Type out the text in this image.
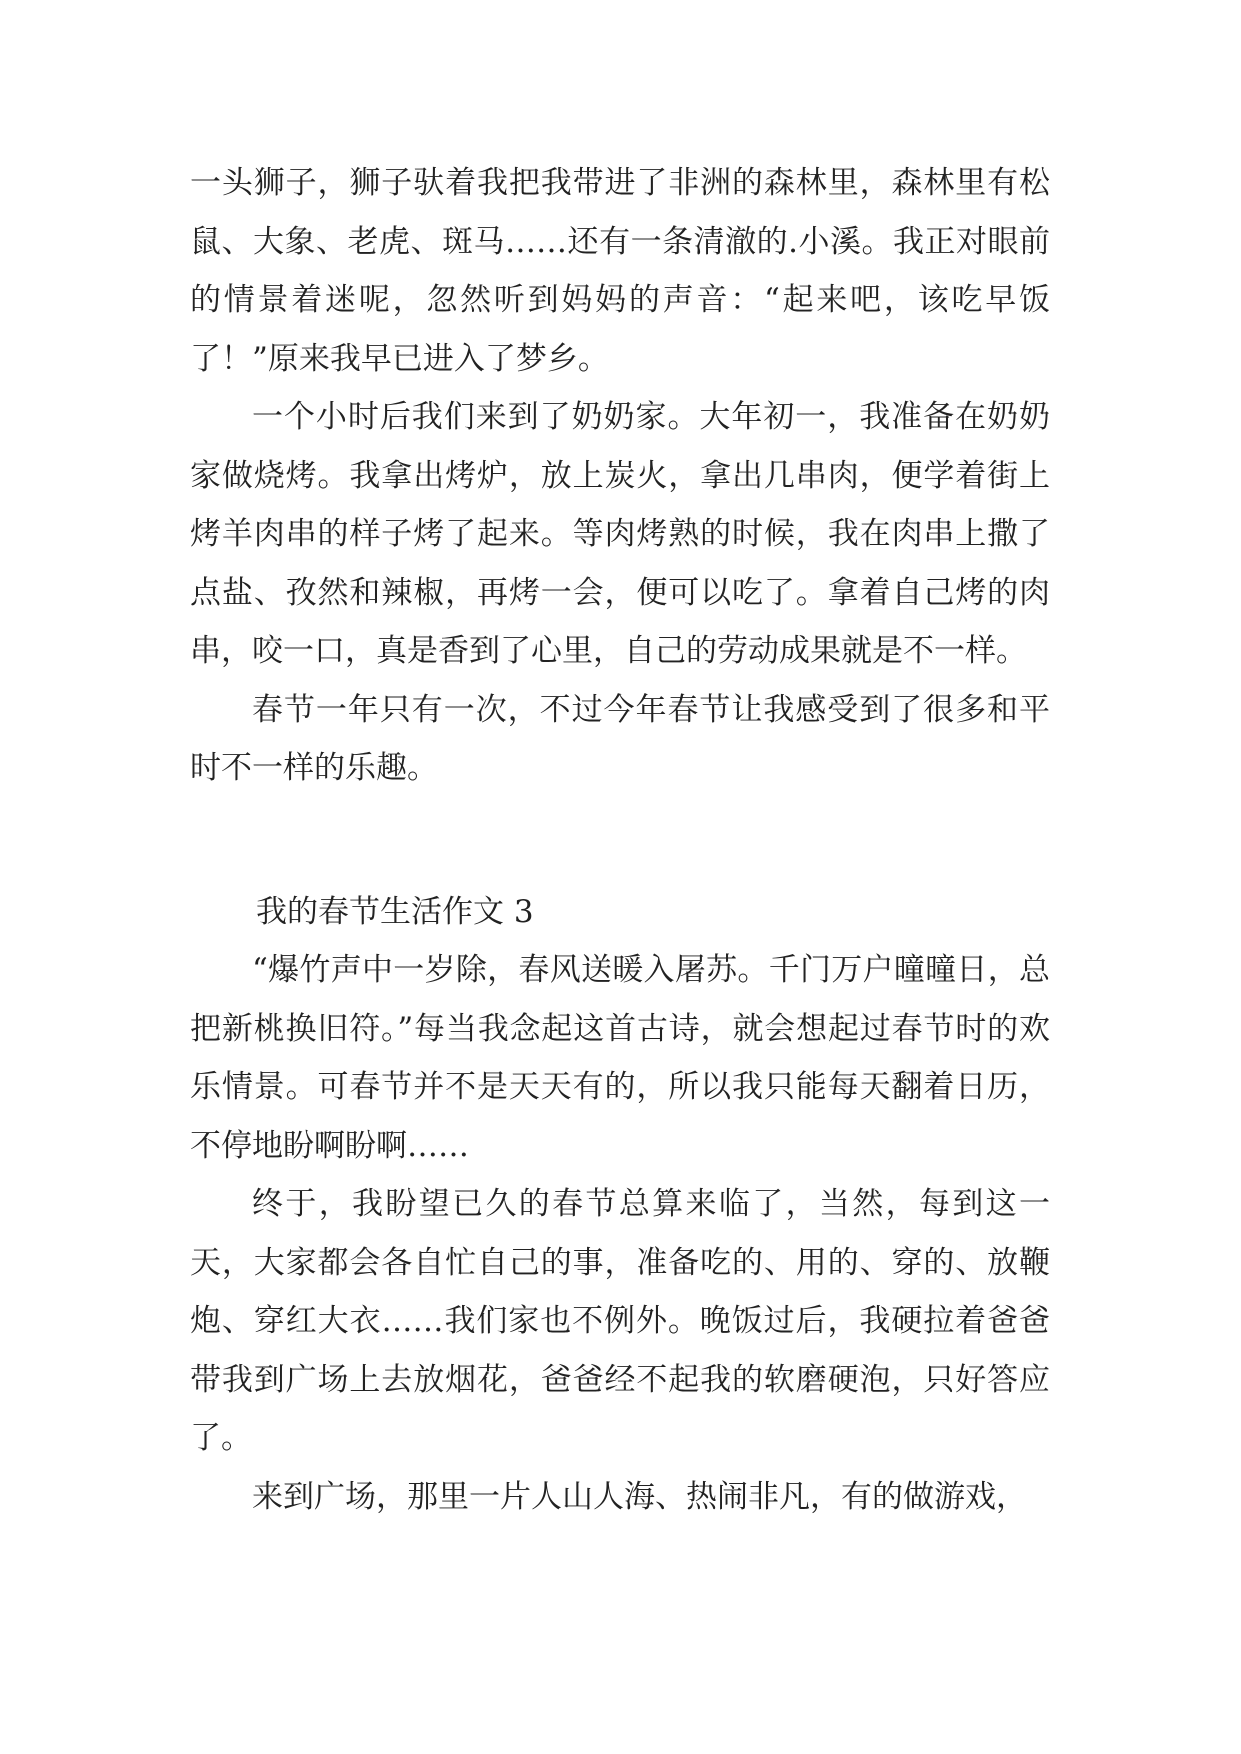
一头狮子，狮子驮着我把我带进了非洲的森林里，森林里有松鼠、大象、老虎、斑马……还有一条清澈的.小溪。我正对眼前的情景着迷呢，忽然听到妈妈的声音：“起来吧，该吃早饭了！”原来我早已进入了梦乡。

一个小时后我们来到了奶奶家。大年初一，我准备在奶奶家做烧烤。我拿出烤炉，放上炭火，拿出几串肉，便学着街上烤羊肉串的样子烤了起来。等肉烤熟的时候，我在肉串上撒了点盐、孜然和辣椒，再烤一会，便可以吃了。拿着自己烤的肉串，咬一口，真是香到了心里，自己的劳动成果就是不一样。

春节一年只有一次，不过今年春节让我感受到了很多和平时不一样的乐趣。

我的春节生活作文 3

“爆竹声中一岁除，春风送暖入屠苏。千门万户曈曈日，总把新桃换旧符。”每当我念起这首古诗，就会想起过春节时的欢乐情景。可春节并不是天天有的，所以我只能每天翻着日历，不停地盼啊盼啊……

终于，我盼望已久的春节总算来临了，当然，每到这一天，大家都会各自忙自己的事，准备吃的、用的、穿的、放鞭炮、穿红大衣……我们家也不例外。晚饭过后，我硬拉着爸爸带我到广场上去放烟花，爸爸经不起我的软磨硬泡，只好答应了。

来到广场，那里一片人山人海、热闹非凡，有的做游戏，
